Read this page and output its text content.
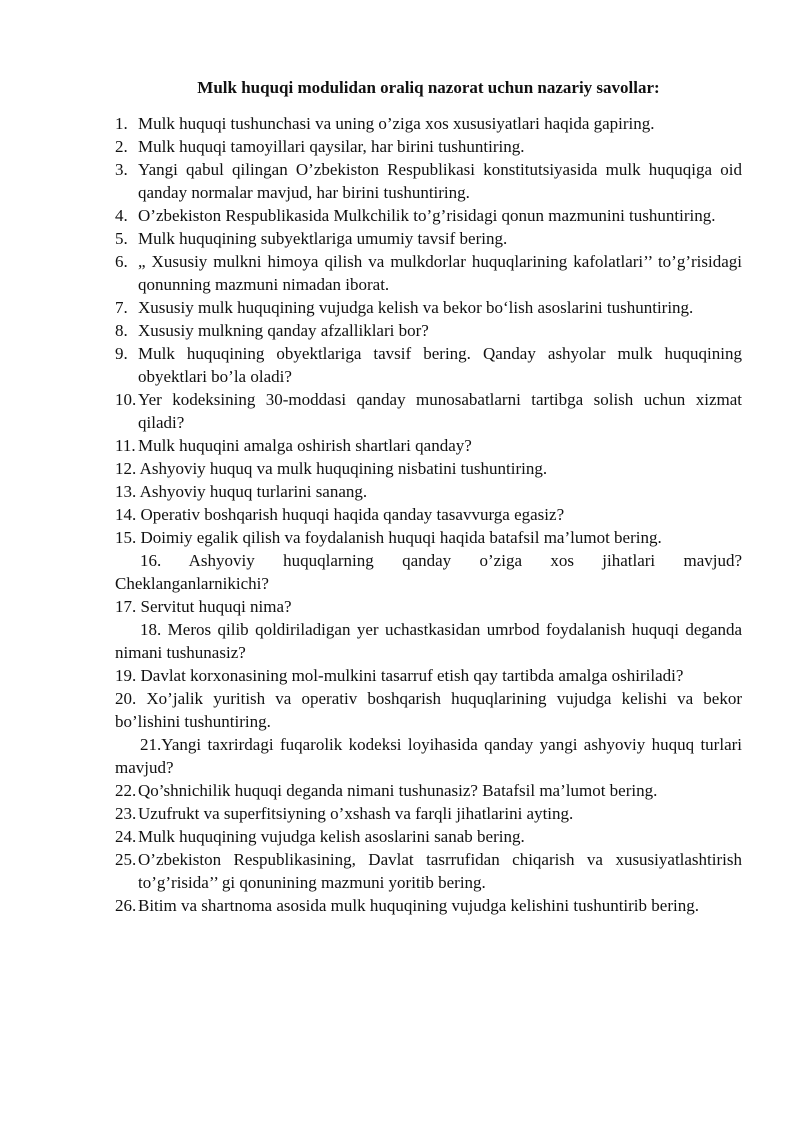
Mulk huquqi modulidan oraliq nazorat uchun nazariy savollar:
1. Mulk huquqi tushunchasi va uning o’ziga xos xususiyatlari haqida gapiring.
2. Mulk huquqi tamoyillari qaysilar, har birini tushuntiring.
3. Yangi qabul qilingan O’zbekiston Respublikasi konstitutsiyasida mulk huquqiga oid qanday normalar mavjud, har birini tushuntiring.
4. O’zbekiston Respublikasida Mulkchilik to’g’risidagi qonun mazmunini tushuntiring.
5. Mulk huquqining subyektlariga umumiy tavsif bering.
6. „ Xususiy mulkni himoya qilish va mulkdorlar huquqlarining kafolatlari’’ to’g’risidagi qonunning mazmuni nimadan iborat.
7. Xususiy mulk huquqining vujudga kelish va bekor bo‘lish asoslarini tushuntiring.
8. Xususiy mulkning qanday afzalliklari bor?
9. Mulk huquqining obyektlariga tavsif bering. Qanday ashyolar mulk huquqining obyektlari bo’la oladi?
10. Yer kodeksining 30-moddasi qanday munosabatlarni tartibga solish uchun xizmat qiladi?
11. Mulk huquqini amalga oshirish shartlari qanday?
12. Ashyoviy huquq va mulk huquqining nisbatini tushuntiring.
13. Ashyoviy huquq turlarini sanang.
14. Operativ boshqarish huquqi haqida qanday tasavvurga egasiz?
15. Doimiy egalik qilish va foydalanish huquqi haqida batafsil ma’lumot bering.
16. Ashyoviy huquqlarning qanday o’ziga xos jihatlari mavjud?
Cheklanganlarnikichi?
17. Servitut huquqi nima?
18. Meros qilib qoldiriladigan yer uchastkasidan umrbod foydalanish huquqi deganda nimani tushunasiz?
19. Davlat korxonasining mol-mulkini tasarruf etish qay tartibda amalga oshiriladi?
20. Xo’jalik yuritish va operativ boshqarish huquqlarining vujudga kelishi va bekor bo’lishini tushuntiring.
21.Yangi taxrirdagi fuqarolik kodeksi loyihasida qanday yangi ashyoviy huquq turlari mavjud?
22. Qo’shnichilik huquqi deganda nimani tushunasiz? Batafsil ma’lumot bering.
23. Uzufrukt va superfitsiyning o’xshash va farqli jihatlarini ayting.
24. Mulk huquqining vujudga kelish asoslarini sanab bering.
25. O’zbekiston Respublikasining, Davlat tasrrufidan chiqarish va xususiyatlashtirish to’g’risida’’ gi qonunining mazmuni yoritib bering.
26. Bitim va shartnoma asosida mulk huquqining vujudga kelishini tushuntirib bering.
